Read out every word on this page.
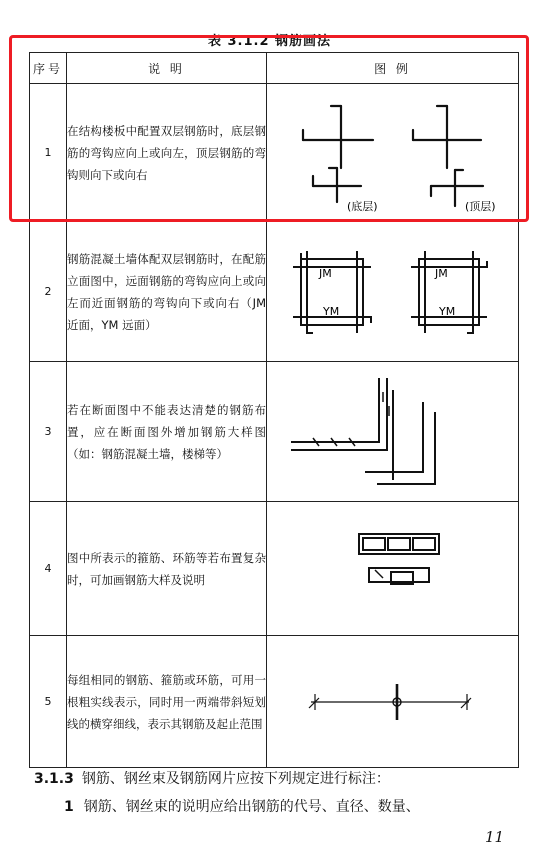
表 3.1.2 钢筋画法
序号	说 明	图 例
1	在结构楼板中配置双层钢筋时，底层钢筋的弯钩应向上或向左，顶层钢筋的弯钩则向下或向右	(底层) (顶层)

2	钢筋混凝土墙体配双层钢筋时，在配筋立面图中，远面钢筋的弯钩应向上或向左而近面钢筋的弯钩向下或向右（JM 近面，YM 远面）	JM
YM
JM
YM

3	若在断面图中不能表达清楚的钢筋布置，应在断面图外增加钢筋大样图（如：钢筋混凝土墙，楼梯等）	

4	图中所表示的箍筋、环筋等若布置复杂时，可加画钢筋大样及说明	

5	每组相同的钢筋、箍筋或环筋，可用一根粗实线表示，同时用一两端带斜短划线的横穿细线，表示其钢筋及起止范围	
3.1.3 钢筋、钢丝束及钢筋网片应按下列规定进行标注：
1 钢筋、钢丝束的说明应给出钢筋的代号、直径、数量、
11
